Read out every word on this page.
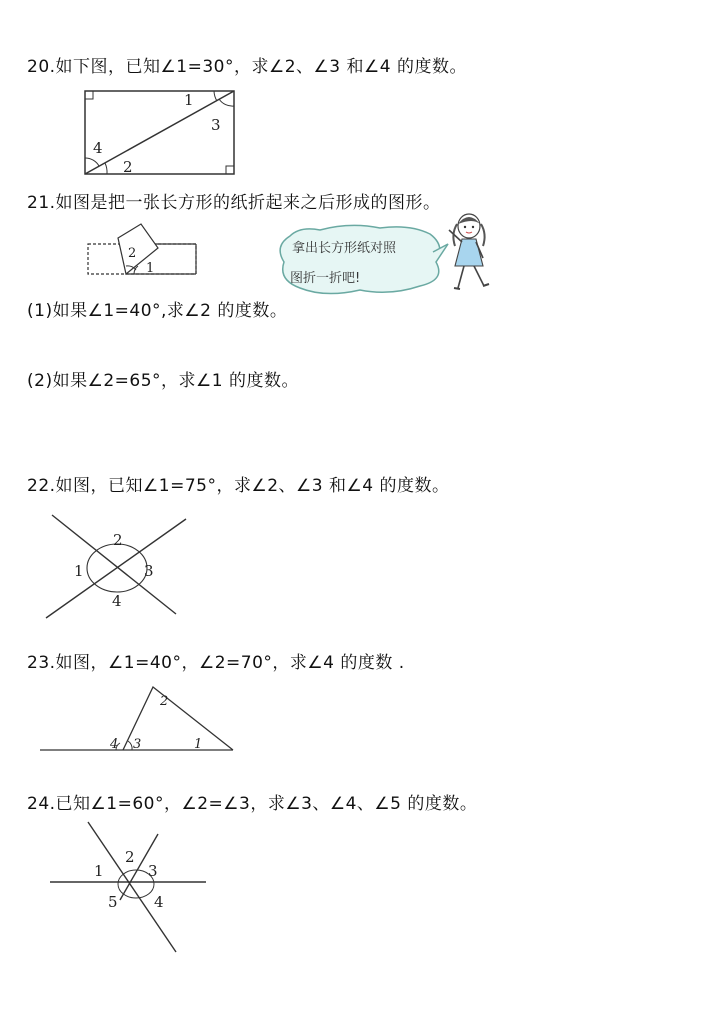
20.如下图，已知∠1=30°，求∠2、∠3 和∠4 的度数。
1
2
3
4
21.如图是把一张长方形的纸折起来之后形成的图形。
1
2	拿出长方形纸对照
图折一折吧!
(1)如果∠1=40°,求∠2 的度数。
(2)如果∠2=65°，求∠1 的度数。
22.如图，已知∠1=75°，求∠2、∠3 和∠4 的度数。
2
1	3
4
23.如图，∠1=40°，∠2=70°，求∠4 的度数 .
2
1
3
4
24.已知∠1=60°，∠2=∠3，求∠3、∠4、∠5 的度数。
1
2
3
4
5
